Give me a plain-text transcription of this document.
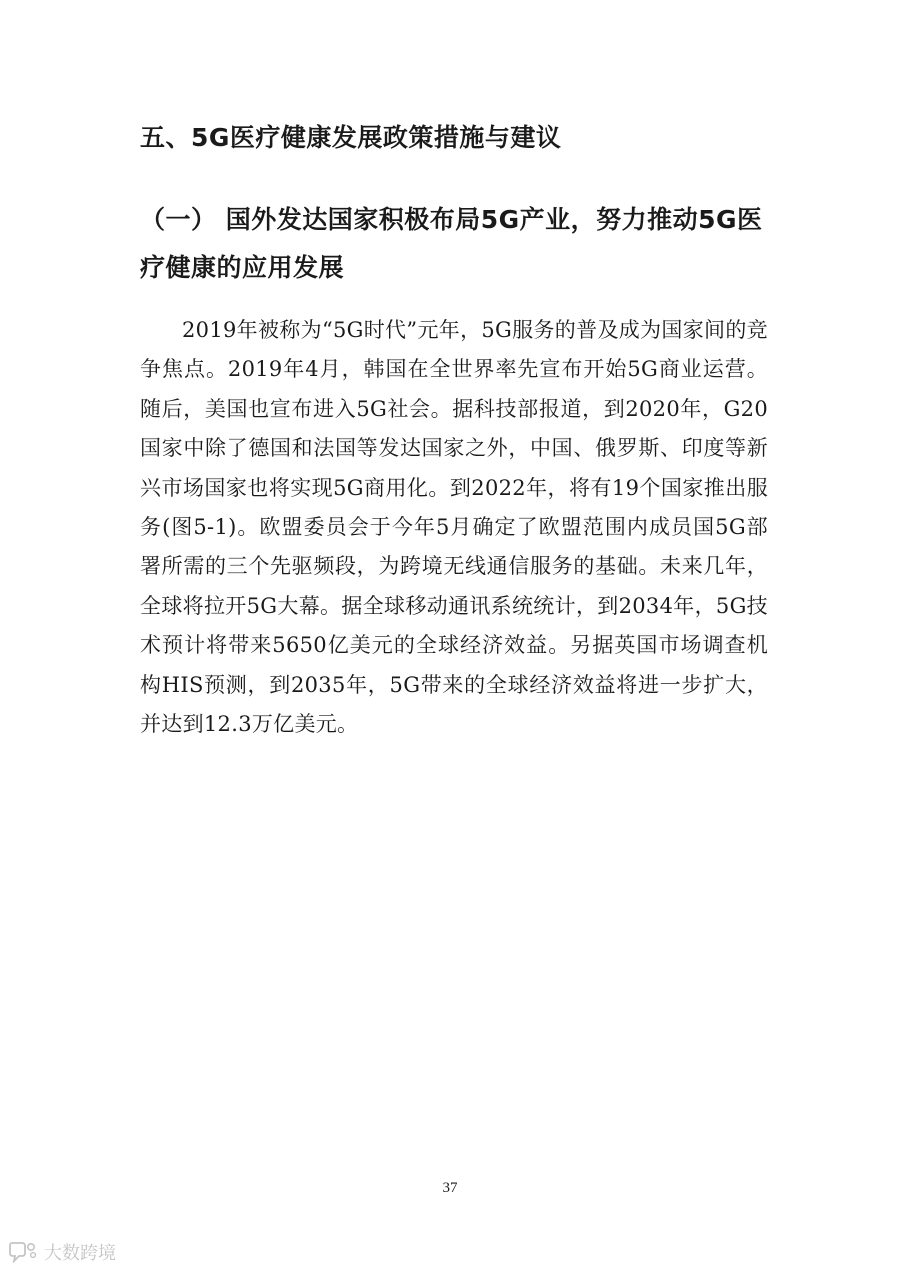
五、5G医疗健康发展政策措施与建议
（一） 国外发达国家积极布局5G产业，努力推动5G医疗健康的应用发展

2019年被称为“5G时代”元年，5G服务的普及成为国家间的竞争焦点。2019年4月，韩国在全世界率先宣布开始5G商业运营。随后，美国也宣布进入5G社会。据科技部报道，到2020年，G20国家中除了德国和法国等发达国家之外，中国、俄罗斯、印度等新兴市场国家也将实现5G商用化。到2022年，将有19个国家推出服务(图5-1)。欧盟委员会于今年5月确定了欧盟范围内成员国5G部署所需的三个先驱频段，为跨境无线通信服务的基础。未来几年，全球将拉开5G大幕。据全球移动通讯系统统计，到2034年，5G技术预计将带来5650亿美元的全球经济效益。另据英国市场调查机构HIS预测，到2035年，5G带来的全球经济效益将进一步扩大，并达到12.3万亿美元。

37
大数跨境
